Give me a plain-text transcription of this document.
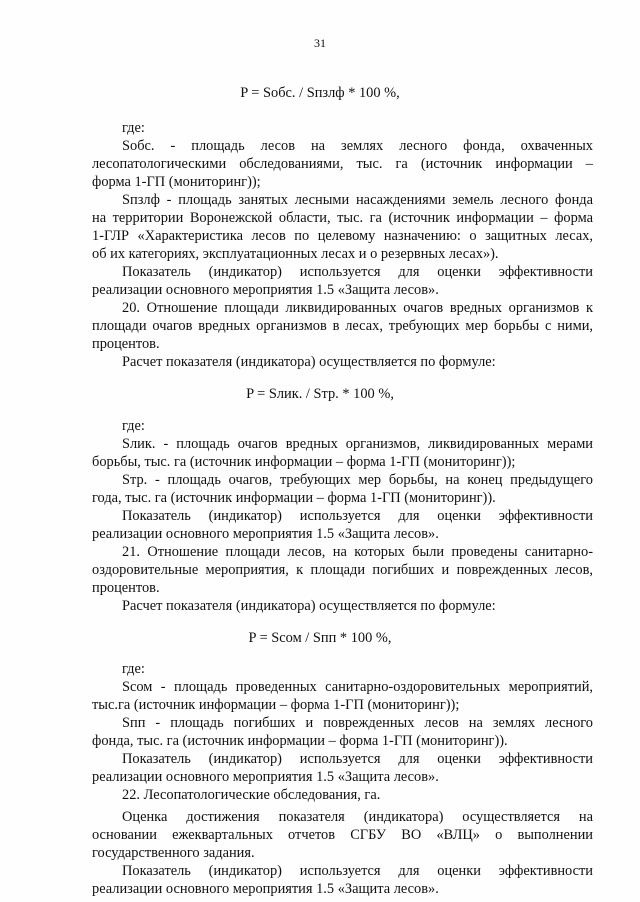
31
P = Sобс. / Sпзлф * 100 %,
где:
Sобс. - площадь лесов на землях лесного фонда, охваченных
лесопатологическими обследованиями, тыс. га (источник информации –
форма 1-ГП (мониторинг));
Sпзлф - площадь занятых лесными насаждениями земель лесного фонда
на территории Воронежской области, тыс. га (источник информации – форма
1-ГЛР «Характеристика лесов по целевому назначению: о защитных лесах,
об их категориях, эксплуатационных лесах и о резервных лесах»).
Показатель (индикатор) используется для оценки эффективности
реализации основного мероприятия 1.5 «Защита лесов».
20. Отношение площади ликвидированных очагов вредных организмов к
площади очагов вредных организмов в лесах, требующих мер борьбы с ними,
процентов.
Расчет показателя (индикатора) осуществляется по формуле:
P = Sлик. / Sтр. * 100 %,
где:
Sлик. - площадь очагов вредных организмов, ликвидированных мерами
борьбы, тыс. га (источник информации – форма 1-ГП (мониторинг));
Sтр. - площадь очагов, требующих мер борьбы, на конец предыдущего
года, тыс. га (источник информации – форма 1-ГП (мониторинг)).
Показатель (индикатор) используется для оценки эффективности
реализации основного мероприятия 1.5 «Защита лесов».
21. Отношение площади лесов, на которых были проведены санитарно-
оздоровительные мероприятия, к площади погибших и поврежденных лесов,
процентов.
Расчет показателя (индикатора) осуществляется по формуле:
P = Sсом / Sпп * 100 %,
где:
Sсом - площадь проведенных санитарно-оздоровительных мероприятий,
тыс.га (источник информации – форма 1-ГП (мониторинг));
Sпп - площадь погибших и поврежденных лесов на землях лесного
фонда, тыс. га (источник информации – форма 1-ГП (мониторинг)).
Показатель (индикатор) используется для оценки эффективности
реализации основного мероприятия 1.5 «Защита лесов».
22. Лесопатологические обследования, га.
Оценка достижения показателя (индикатора) осуществляется на
основании ежеквартальных отчетов СГБУ ВО «ВЛЦ» о выполнении
государственного задания.
Показатель (индикатор) используется для оценки эффективности
реализации основного мероприятия 1.5 «Защита лесов».
